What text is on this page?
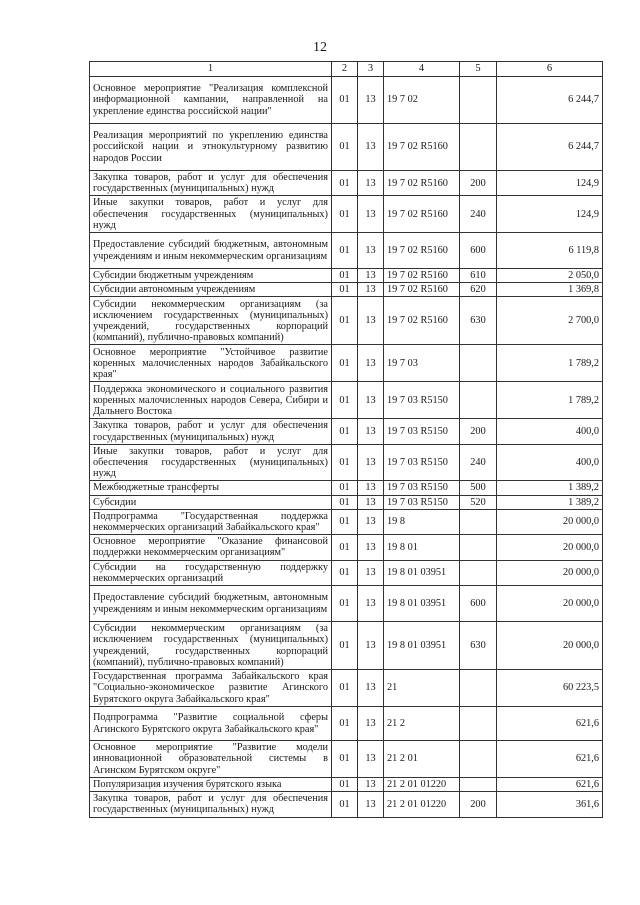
12
1	2	3	4	5	6
Основное мероприятие "Реализация комплексной информационной кампании, направленной на укрепление единства российской нации"	01	13	19 7 02		6 244,7
Реализация мероприятий по укреплению единства российской нации и этнокультурному развитию народов России	01	13	19 7 02 R5160		6 244,7
Закупка товаров, работ и услуг для обеспечения государственных (муниципальных) нужд	01	13	19 7 02 R5160	200	124,9
Иные закупки товаров, работ и услуг для обеспечения государственных (муниципальных) нужд	01	13	19 7 02 R5160	240	124,9
Предоставление субсидий бюджетным, автономным учреждениям и иным некоммерческим организациям	01	13	19 7 02 R5160	600	6 119,8
Субсидии бюджетным учреждениям	01	13	19 7 02 R5160	610	2 050,0
Субсидии автономным учреждениям	01	13	19 7 02 R5160	620	1 369,8
Субсидии некоммерческим организациям (за исключением государственных (муниципальных) учреждений, государственных корпораций (компаний), публично-правовых компаний)	01	13	19 7 02 R5160	630	2 700,0
Основное мероприятие "Устойчивое развитие коренных малочисленных народов Забайкальского края"	01	13	19 7 03		1 789,2
Поддержка экономического и социального развития коренных малочисленных народов Севера, Сибири и Дальнего Востока	01	13	19 7 03 R5150		1 789,2
Закупка товаров, работ и услуг для обеспечения государственных (муниципальных) нужд	01	13	19 7 03 R5150	200	400,0
Иные закупки товаров, работ и услуг для обеспечения государственных (муниципальных) нужд	01	13	19 7 03 R5150	240	400,0
Межбюджетные трансферты	01	13	19 7 03 R5150	500	1 389,2
Субсидии	01	13	19 7 03 R5150	520	1 389,2
Подпрограмма "Государственная поддержка некоммерческих организаций Забайкальского края"	01	13	19 8		20 000,0
Основное мероприятие "Оказание финансовой поддержки некоммерческим организациям"	01	13	19 8 01		20 000,0
Субсидии на государственную поддержку некоммерческих организаций	01	13	19 8 01 03951		20 000,0
Предоставление субсидий бюджетным, автономным учреждениям и иным некоммерческим организациям	01	13	19 8 01 03951	600	20 000,0
Субсидии некоммерческим организациям (за исключением государственных (муниципальных) учреждений, государственных корпораций (компаний), публично-правовых компаний)	01	13	19 8 01 03951	630	20 000,0
Государственная программа Забайкальского края "Социально-экономическое развитие Агинского Бурятского округа Забайкальского края"	01	13	21		60 223,5
Подпрограмма "Развитие социальной сферы Агинского Бурятского округа Забайкальского края"	01	13	21 2		621,6
Основное мероприятие "Развитие модели инновационной образовательной системы в Агинском Бурятском округе"	01	13	21 2 01		621,6
Популяризация изучения бурятского языка	01	13	21 2 01 01220		621,6
Закупка товаров, работ и услуг для обеспечения государственных (муниципальных) нужд	01	13	21 2 01 01220	200	361,6
